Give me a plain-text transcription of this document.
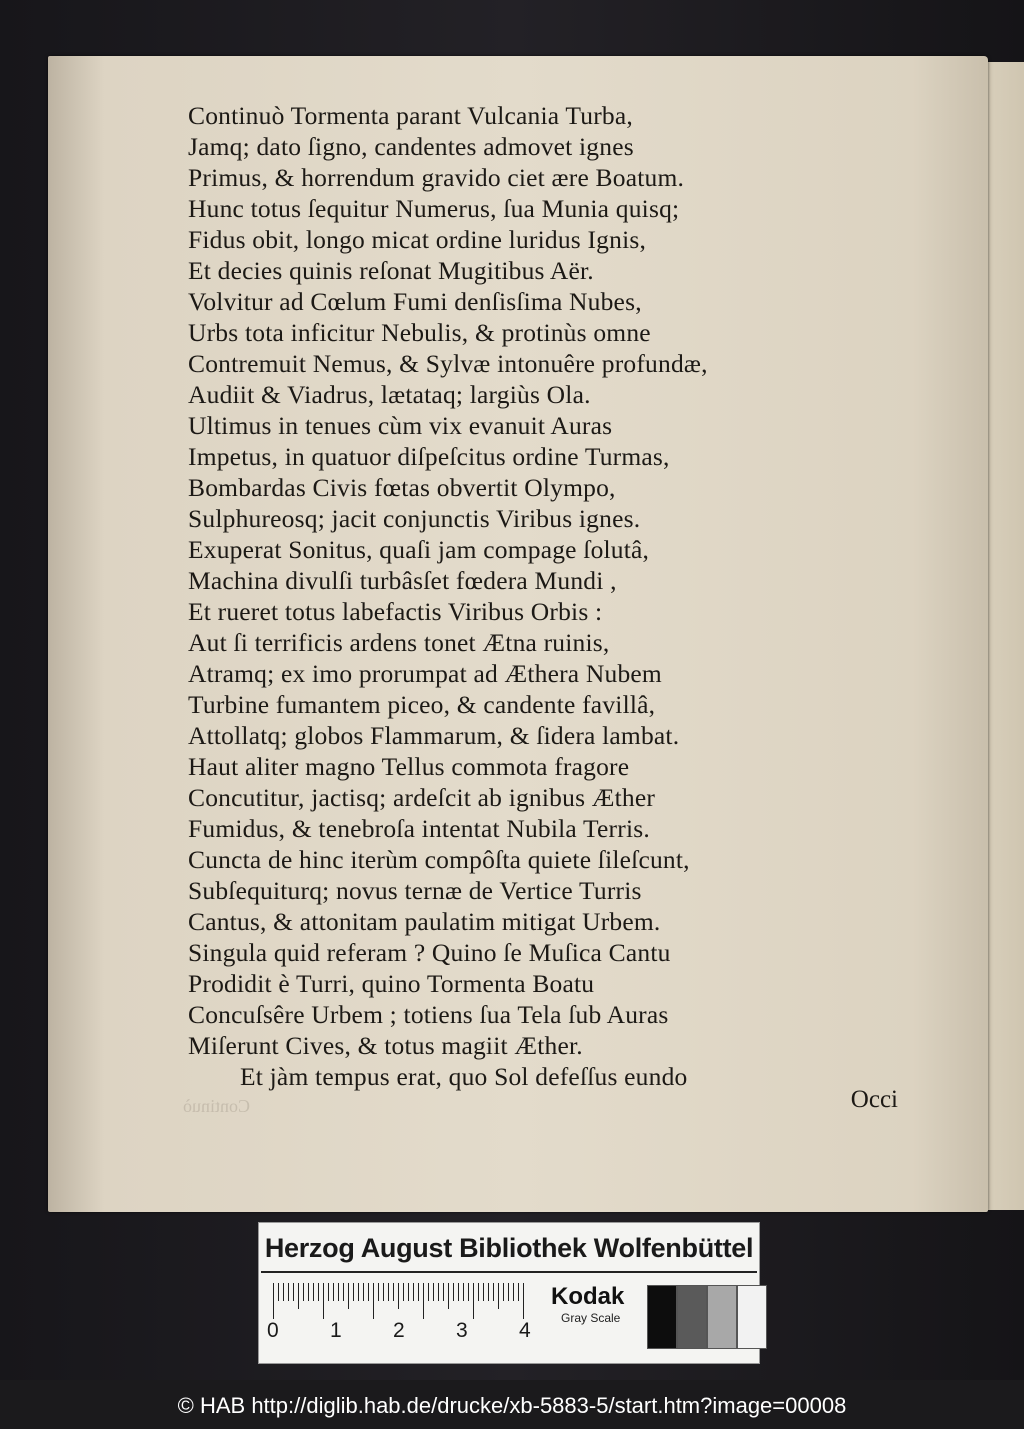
Continuò Tormenta parant Vulcania Turba,
Jamq; dato ſigno, candentes admovet ignes
Primus, & horrendum gravido ciet ære Boatum.
Hunc totus ſequitur Numerus, ſua Munia quisq;
Fidus obit, longo micat ordine luridus Ignis,
Et decies quinis reſonat Mugitibus Aër.
Volvitur ad Cœlum Fumi denſisſima Nubes,
Urbs tota inficitur Nebulis, & protinùs omne
Contremuit Nemus, & Sylvæ intonuêre profundæ,
Audiit & Viadrus, lætataq; largiùs Ola.
Ultimus in tenues cùm vix evanuit Auras
Impetus, in quatuor diſpeſcitus ordine Turmas,
Bombardas Civis fœtas obvertit Olympo,
Sulphureosq; jacit conjunctis Viribus ignes.
Exuperat Sonitus, quaſi jam compage ſolutâ,
Machina divulſi turbâsſet fœdera Mundi ,
Et rueret totus labefactis Viribus Orbis :
Aut ſi terrificis ardens tonet Ætna ruinis,
Atramq; ex imo prorumpat ad Æthera Nubem
Turbine fumantem piceo, & candente favillâ,
Attollatq; globos Flammarum, & ſidera lambat.
Haut aliter magno Tellus commota fragore
Concutitur, jactisq; ardeſcit ab ignibus Æther
Fumidus, & tenebroſa intentat Nubila Terris.
Cuncta de hinc iterùm compôſta quiete ſileſcunt,
Subſequiturq; novus ternæ de Vertice Turris
Cantus, & attonitam paulatim mitigat Urbem.
Singula quid referam ? Quino ſe Muſica Cantu
Prodidit è Turri, quino Tormenta Boatu
Concuſsêre Urbem ; totiens ſua Tela ſub Auras
Miſerunt Cives, & totus magiit Æther.
Et jàm tempus erat, quo Sol defeſſus eundo
Occi
Continuò
Herzog August Bibliothek Wolfenbüttel
0 1 2 3 4
Kodak
Gray Scale
© HAB http://diglib.hab.de/drucke/xb-5883-5/start.htm?image=00008
